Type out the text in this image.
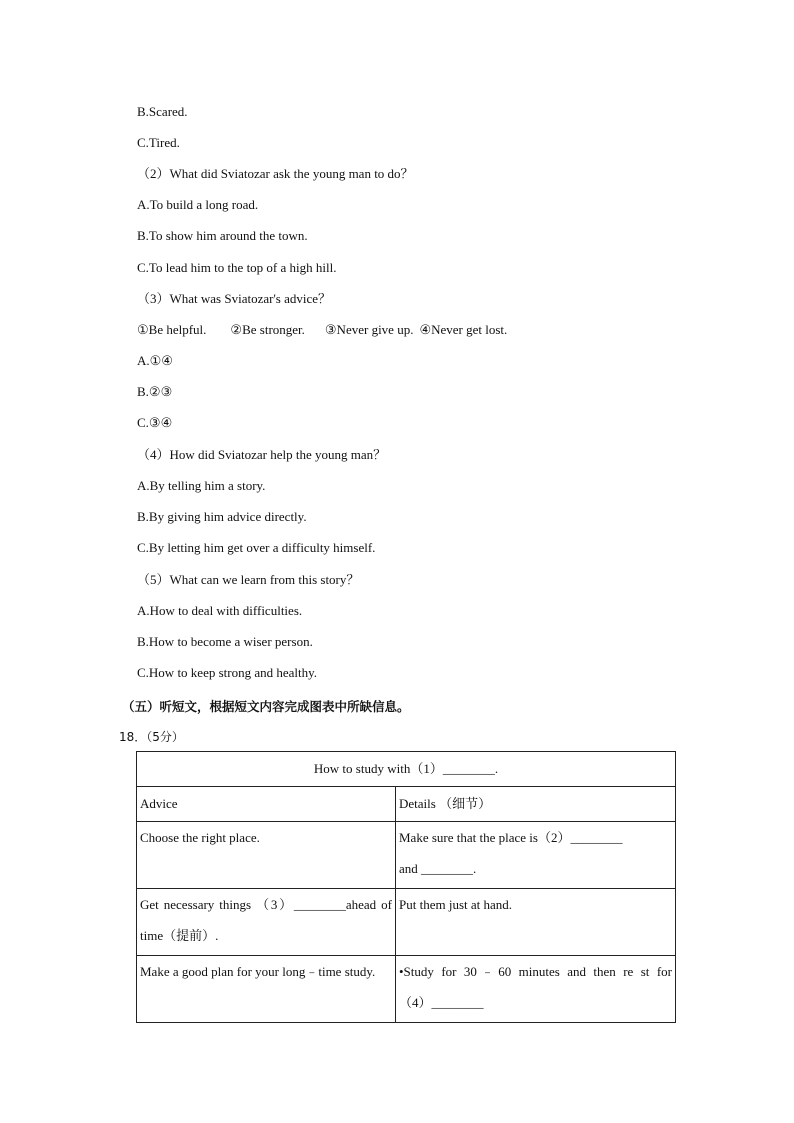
B.Scared.
C.Tired.
（2）What did Sviatozar ask the young man to do？
A.To build a long road.
B.To show him around the town.
C.To lead him to the top of a high hill.
（3）What was Sviatozar's advice？
①Be helpful. ②Be stronger. ③Never give up. ④Never get lost.
A.①④
B.②③
C.③④
（4）How did Sviatozar help the young man？
A.By telling him a story.
B.By giving him advice directly.
C.By letting him get over a difficulty himself.
（5）What can we learn from this story？
A.How to deal with difficulties.
B.How to become a wiser person.
C.How to keep strong and healthy.
（五）听短文，根据短文内容完成图表中所缺信息。
18．（5分）
How to study with（1）________.	
Advice	Details （细节）

Choose the right place.	Make sure that the place is（2）________
and ________.

Get necessary things （3）________ahead of
time（提前）.	Put them just at hand.

Make a good plan for your long﹣time study.	•Study for 30﹣60 minutes and then re st for
（4）________
